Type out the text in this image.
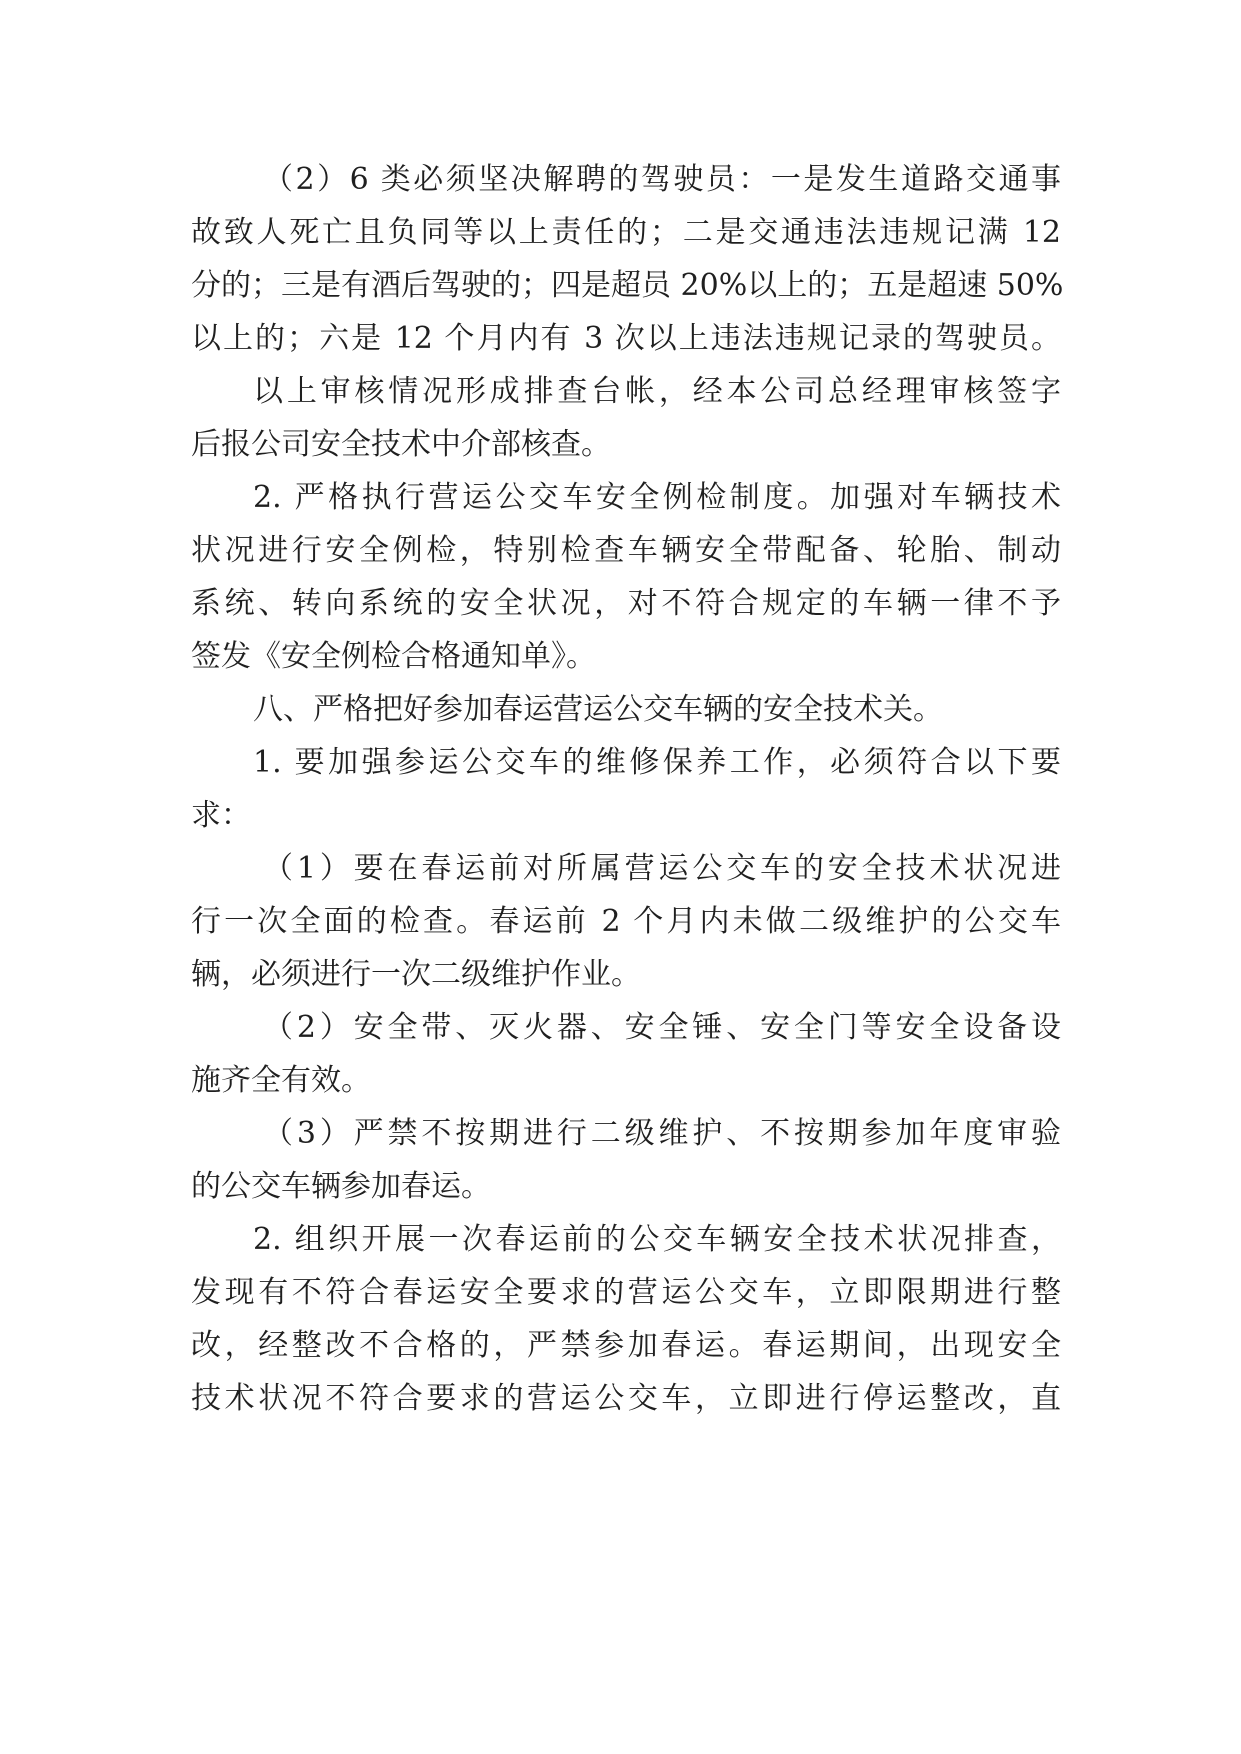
（2）6 类必须坚决解聘的驾驶员：一是发生道路交通事
故致人死亡且负同等以上责任的；二是交通违法违规记满 12
分的；三是有酒后驾驶的；四是超员 20%以上的；五是超速 50%
以上的；六是 12 个月内有 3 次以上违法违规记录的驾驶员。
以上审核情况形成排查台帐，经本公司总经理审核签字
后报公司安全技术中介部核查。
2. 严格执行营运公交车安全例检制度。加强对车辆技术
状况进行安全例检，特别检查车辆安全带配备、轮胎、制动
系统、转向系统的安全状况，对不符合规定的车辆一律不予
签发《安全例检合格通知单》。
八、严格把好参加春运营运公交车辆的安全技术关。
1. 要加强参运公交车的维修保养工作，必须符合以下要
求：
（1）要在春运前对所属营运公交车的安全技术状况进
行一次全面的检查。春运前 2 个月内未做二级维护的公交车
辆，必须进行一次二级维护作业。
（2）安全带、灭火器、安全锤、安全门等安全设备设
施齐全有效。
（3）严禁不按期进行二级维护、不按期参加年度审验
的公交车辆参加春运。
2. 组织开展一次春运前的公交车辆安全技术状况排查，
发现有不符合春运安全要求的营运公交车，立即限期进行整
改，经整改不合格的，严禁参加春运。春运期间，出现安全
技术状况不符合要求的营运公交车，立即进行停运整改，直
